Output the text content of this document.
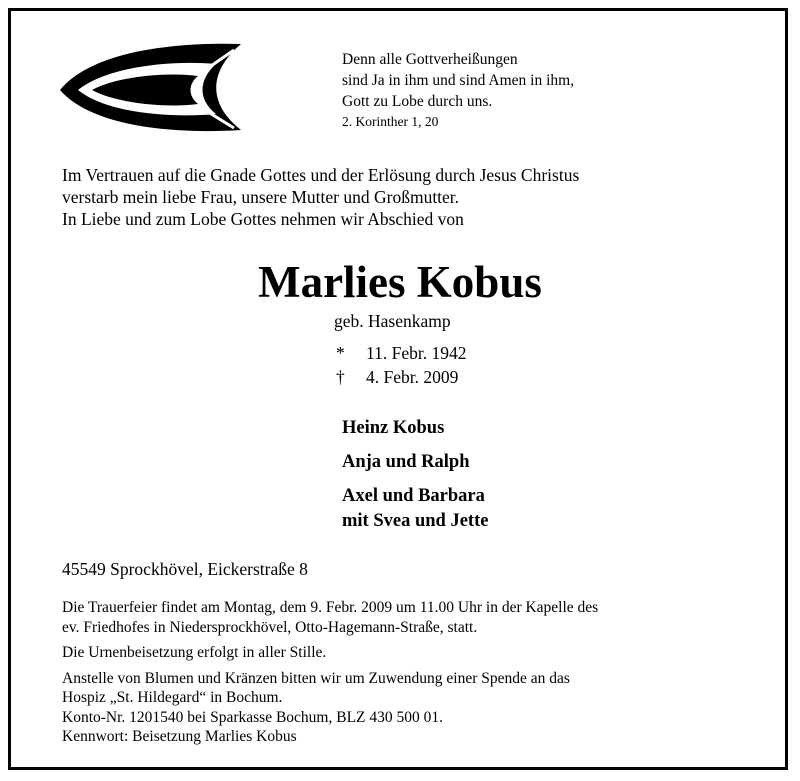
Denn alle Gottverheißungen
sind Ja in ihm und sind Amen in ihm,
Gott zu Lobe durch uns.
2. Korinther 1, 20
Im Vertrauen auf die Gnade Gottes und der Erlösung durch Jesus Christus
verstarb mein liebe Frau, unsere Mutter und Großmutter.
In Liebe und zum Lobe Gottes nehmen wir Abschied von
Marlies Kobus
geb. Hasenkamp
* 11. Febr. 1942
† 4. Febr. 2009
Heinz Kobus
Anja und Ralph
Axel und Barbara
mit Svea und Jette
45549 Sprockhövel, Eickerstraße 8
Die Trauerfeier findet am Montag, dem 9. Febr. 2009 um 11.00 Uhr in der Kapelle des
ev. Friedhofes in Niedersprockhövel, Otto-Hagemann-Straße, statt.
Die Urnenbeisetzung erfolgt in aller Stille.
Anstelle von Blumen und Kränzen bitten wir um Zuwendung einer Spende an das
Hospiz „St. Hildegard“ in Bochum.
Konto-Nr. 1201540 bei Sparkasse Bochum, BLZ 430 500 01.
Kennwort: Beisetzung Marlies Kobus
